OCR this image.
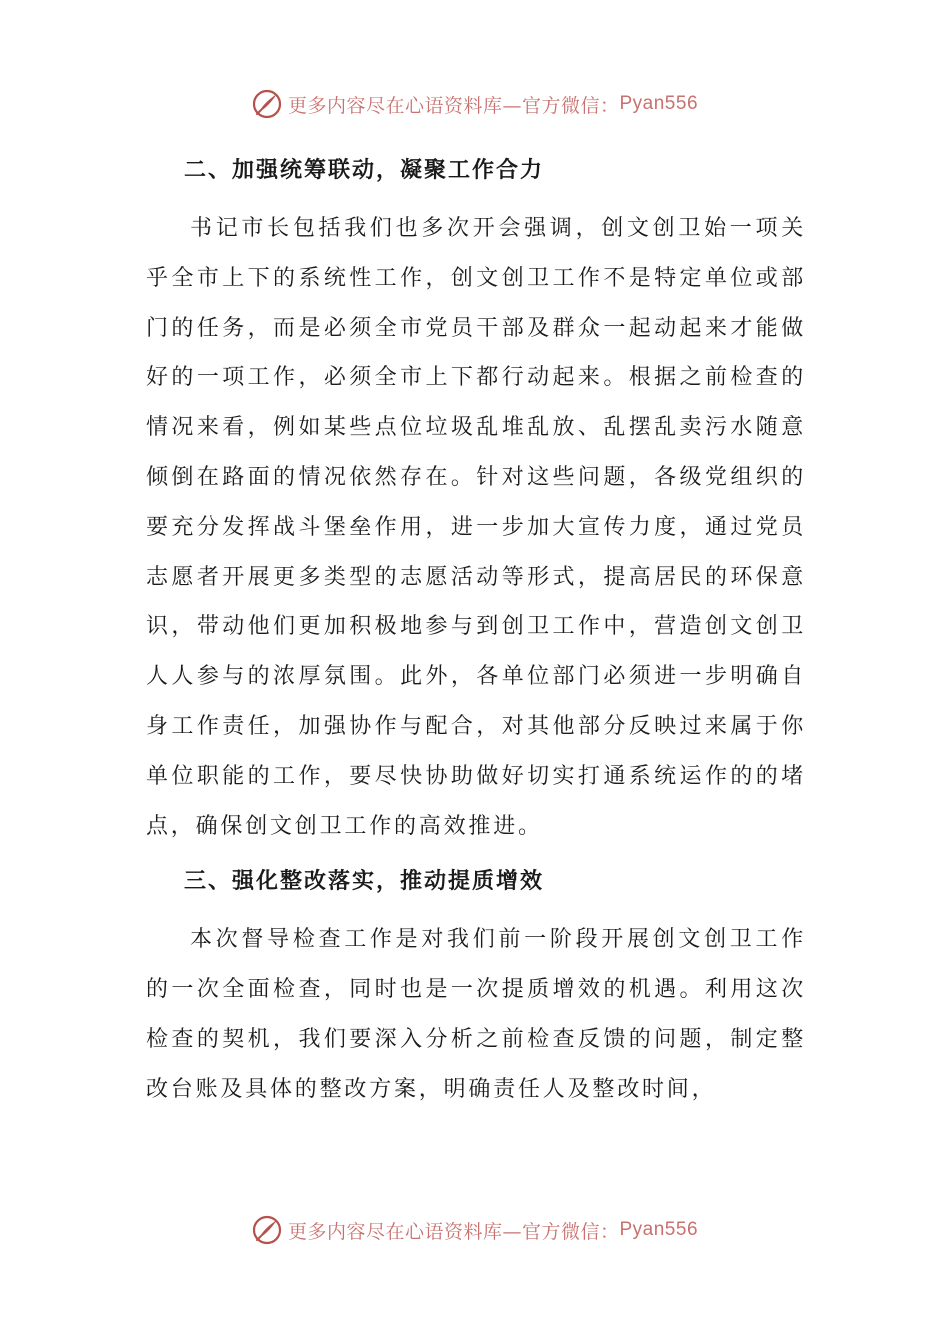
更多内容尽在心语资料库—官方微信： Pyan556
二、加强统筹联动，凝聚工作合力

书记市长包括我们也多次开会强调，创文创卫始一项关乎全市上下的系统性工作，创文创卫工作不是特定单位或部门的任务，而是必须全市党员干部及群众一起动起来才能做好的一项工作，必须全市上下都行动起来。根据之前检查的情况来看，例如某些点位垃圾乱堆乱放、乱摆乱卖污水随意倾倒在路面的情况依然存在。针对这些问题，各级党组织的要充分发挥战斗堡垒作用，进一步加大宣传力度，通过党员志愿者开展更多类型的志愿活动等形式，提高居民的环保意识，带动他们更加积极地参与到创卫工作中，营造创文创卫人人参与的浓厚氛围。此外，各单位部门必须进一步明确自身工作责任，加强协作与配合，对其他部分反映过来属于你单位职能的工作，要尽快协助做好切实打通系统运作的的堵点，确保创文创卫工作的高效推进。

三、强化整改落实，推动提质增效

本次督导检查工作是对我们前一阶段开展创文创卫工作的一次全面检查，同时也是一次提质增效的机遇。利用这次检查的契机，我们要深入分析之前检查反馈的问题，制定整改台账及具体的整改方案，明确责任人及整改时间，

更多内容尽在心语资料库—官方微信： Pyan556
